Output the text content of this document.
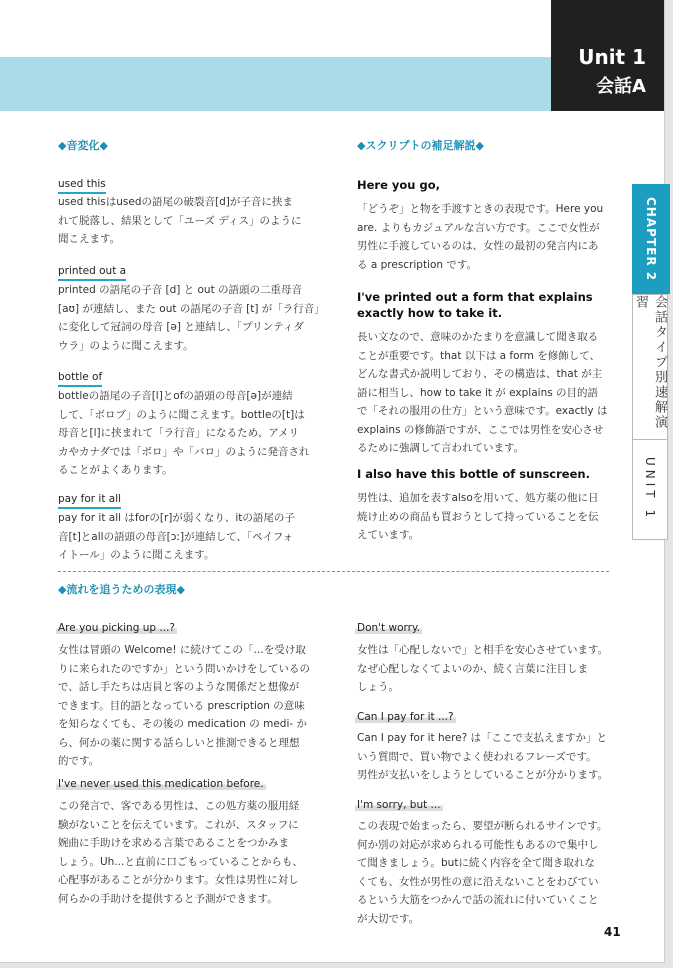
Unit 1
会話A
CHAPTER 2
会話タイプ別速解演習
UNIT 1
◆音変化◆
used this
used thisはusedの語尾の破裂音[d]が子音に挟ま
れて脱落し、結果として「ユーズ ディス」のように
聞こえます。
printed out a
printed の語尾の子音 [d] と out の語頭の二重母音
[aʊ] が連結し、また out の語尾の子音 [t] が「ラ行音」
に変化して冠詞の母音 [ə] と連結し、「プリンティダ
ウラ」のように聞こえます。
bottle of
bottleの語尾の子音[l]とofの語頭の母音[ə]が連結
して、「ボロブ」のように聞こえます。bottleの[t]は
母音と[l]に挟まれて「ラ行音」になるため、アメリ
カやカナダでは「ボロ」や「バロ」のように発音され
ることがよくあります。
pay for it all
pay for it all はforの[r]が弱くなり、itの語尾の子
音[t]とallの語頭の母音[ɔː]が連結して、「ペイフォ
イトール」のように聞こえます。
◆スクリプトの補足解説◆
Here you go,
「どうぞ」と物を手渡すときの表現です。Here you
are. よりもカジュアルな言い方です。ここで女性が
男性に手渡しているのは、女性の最初の発言内にあ
る a prescription です。
I've printed out a form that explains
exactly how to take it.
長い文なので、意味のかたまりを意識して聞き取る
ことが重要です。that 以下は a form を修飾して、
どんな書式か説明しており、その構造は、that が主
語に相当し、how to take it が explains の目的語
で「それの服用の仕方」という意味です。exactly は
explains の修飾語ですが、ここでは男性を安心させ
るために強調して言われています。
I also have this bottle of sunscreen.
男性は、追加を表すalsoを用いて、処方薬の他に日
焼け止めの商品も買おうとして持っていることを伝
えています。
◆流れを追うための表現◆
Are you picking up ...?
女性は冒頭の Welcome! に続けてこの「…を受け取
りに来られたのですか」という問いかけをしているの
で、話し手たちは店員と客のような関係だと想像が
できます。目的語となっている prescription の意味
を知らなくても、その後の medication の medi- か
ら、何かの薬に関する話らしいと推測できると理想
的です。
I've never used this medication before.
この発言で、客である男性は、この処方薬の服用経
験がないことを伝えています。これが、スタッフに
婉曲に手助けを求める言葉であることをつかみま
しょう。Uh...と直前に口ごもっていることからも、
心配事があることが分かります。女性は男性に対し
何らかの手助けを提供すると予測ができます。
Don't worry.
女性は「心配しないで」と相手を安心させています。
なぜ心配しなくてよいのか、続く言葉に注目しま
しょう。
Can I pay for it ...?
Can I pay for it here? は「ここで支払えますか」と
いう質問で、買い物でよく使われるフレーズです。
男性が支払いをしようとしていることが分かります。
I'm sorry, but ...
この表現で始まったら、要望が断られるサインです。
何か別の対応が求められる可能性もあるので集中し
て聞きましょう。butに続く内容を全て聞き取れな
くても、女性が男性の意に沿えないことをわびてい
るという大筋をつかんで話の流れに付いていくこと
が大切です。
41
